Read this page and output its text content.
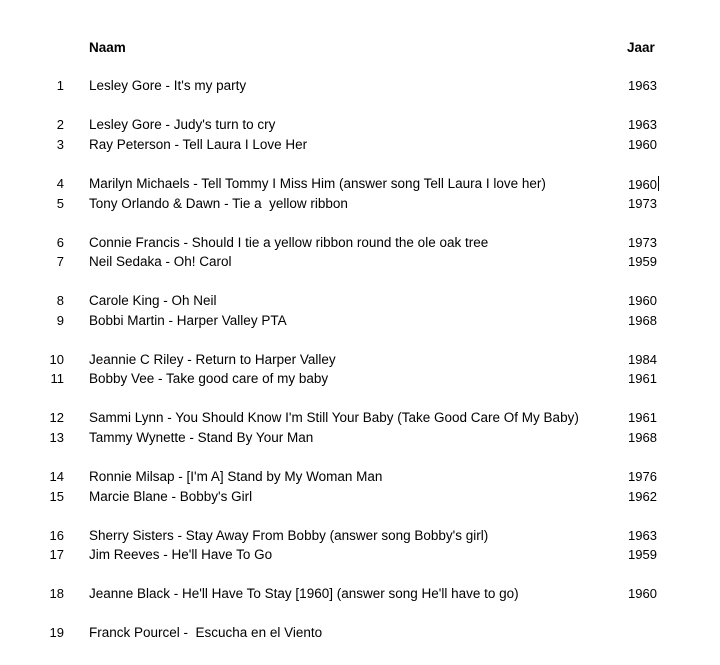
Naam	Jaar
1 Lesley Gore - It's my party	1963
2 Lesley Gore - Judy's turn to cry	1963
3 Ray Peterson - Tell Laura I Love Her	1960
4 Marilyn Michaels - Tell Tommy I Miss Him (answer song Tell Laura I love her)	1960
5 Tony Orlando & Dawn - Tie a  yellow ribbon	1973
6 Connie Francis - Should I tie a yellow ribbon round the ole oak tree	1973
7 Neil Sedaka - Oh! Carol	1959
8 Carole King - Oh Neil	1960
9 Bobbi Martin - Harper Valley PTA	1968
10 Jeannie C Riley - Return to Harper Valley	1984
11 Bobby Vee - Take good care of my baby	1961
12 Sammi Lynn - You Should Know I'm Still Your Baby (Take Good Care Of My Baby)	1961
13 Tammy Wynette - Stand By Your Man	1968
14 Ronnie Milsap - [I'm A] Stand by My Woman Man	1976
15 Marcie Blane - Bobby's Girl	1962
16 Sherry Sisters - Stay Away From Bobby (answer song Bobby's girl)	1963
17 Jim Reeves - He'll Have To Go	1959
18 Jeanne Black - He'll Have To Stay [1960] (answer song He'll have to go)	1960
19 Franck Pourcel -  Escucha en el Viento
